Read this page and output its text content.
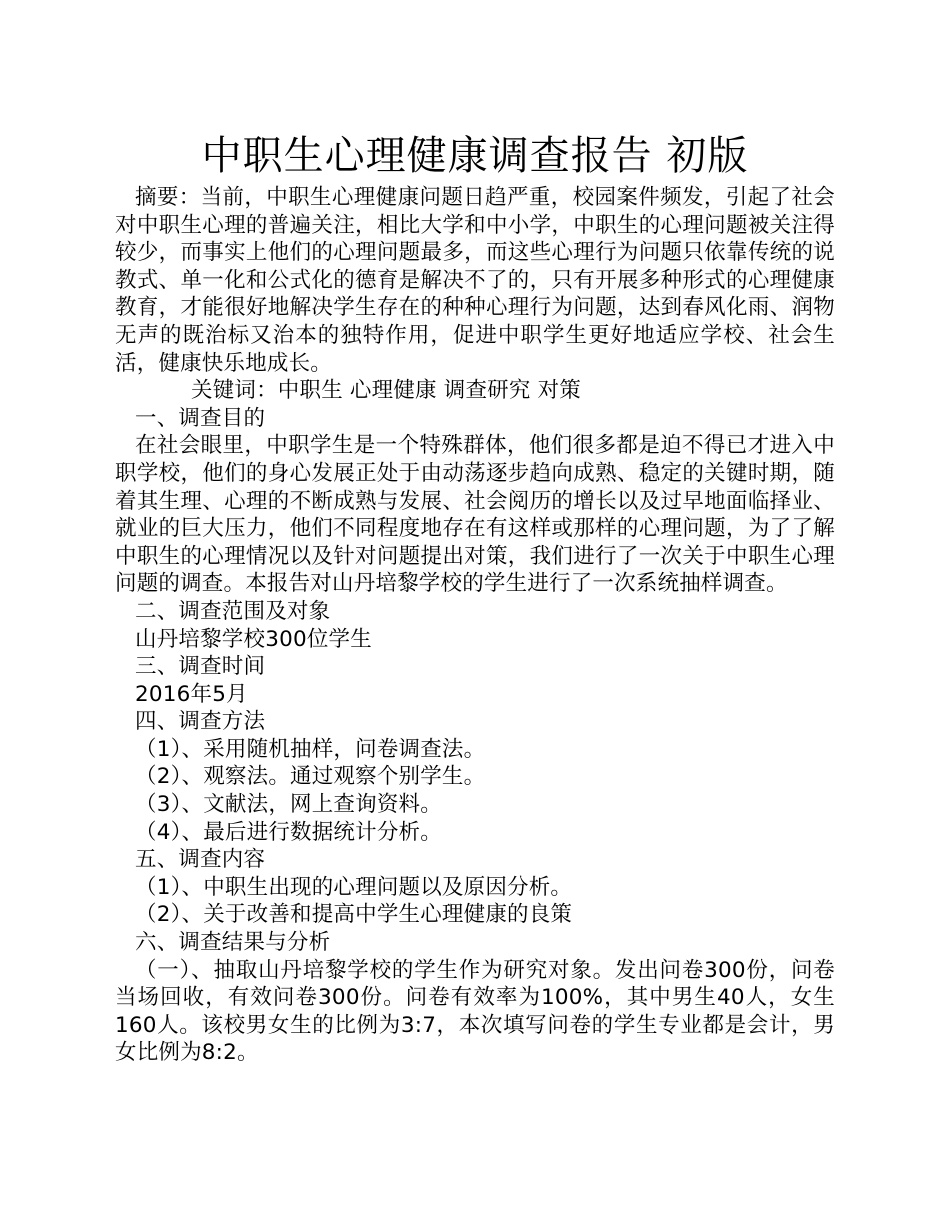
中职生心理健康调查报告 初版
摘要：当前，中职生心理健康问题日趋严重，校园案件频发，引起了社会对中职生心理的普遍关注，相比大学和中小学，中职生的心理问题被关注得较少，而事实上他们的心理问题最多，而这些心理行为问题只依靠传统的说教式、单一化和公式化的德育是解决不了的，只有开展多种形式的心理健康教育，才能很好地解决学生存在的种种心理行为问题，达到春风化雨、润物无声的既治标又治本的独特作用，促进中职学生更好地适应学校、社会生活，健康快乐地成长。
关键词：中职生 心理健康 调查研究 对策
一、调查目的
在社会眼里，中职学生是一个特殊群体，他们很多都是迫不得已才进入中职学校，他们的身心发展正处于由动荡逐步趋向成熟、稳定的关键时期，随着其生理、心理的不断成熟与发展、社会阅历的增长以及过早地面临择业、就业的巨大压力，他们不同程度地存在有这样或那样的心理问题，为了了解中职生的心理情况以及针对问题提出对策，我们进行了一次关于中职生心理问题的调查。本报告对山丹培黎学校的学生进行了一次系统抽样调查。
二、调查范围及对象
山丹培黎学校300位学生
三、调查时间
2016年5月
四、调查方法
（1）、采用随机抽样，问卷调查法。
（2）、观察法。通过观察个别学生。
（3）、文献法，网上查询资料。
（4）、最后进行数据统计分析。
五、调查内容
（1）、中职生出现的心理问题以及原因分析。
（2）、关于改善和提高中学生心理健康的良策
六、调查结果与分析
（一）、抽取山丹培黎学校的学生作为研究对象。发出问卷300份，问卷当场回收，有效问卷300份。问卷有效率为100%，其中男生40人，女生160人。该校男女生的比例为3:7，本次填写问卷的学生专业都是会计，男女比例为8:2。
